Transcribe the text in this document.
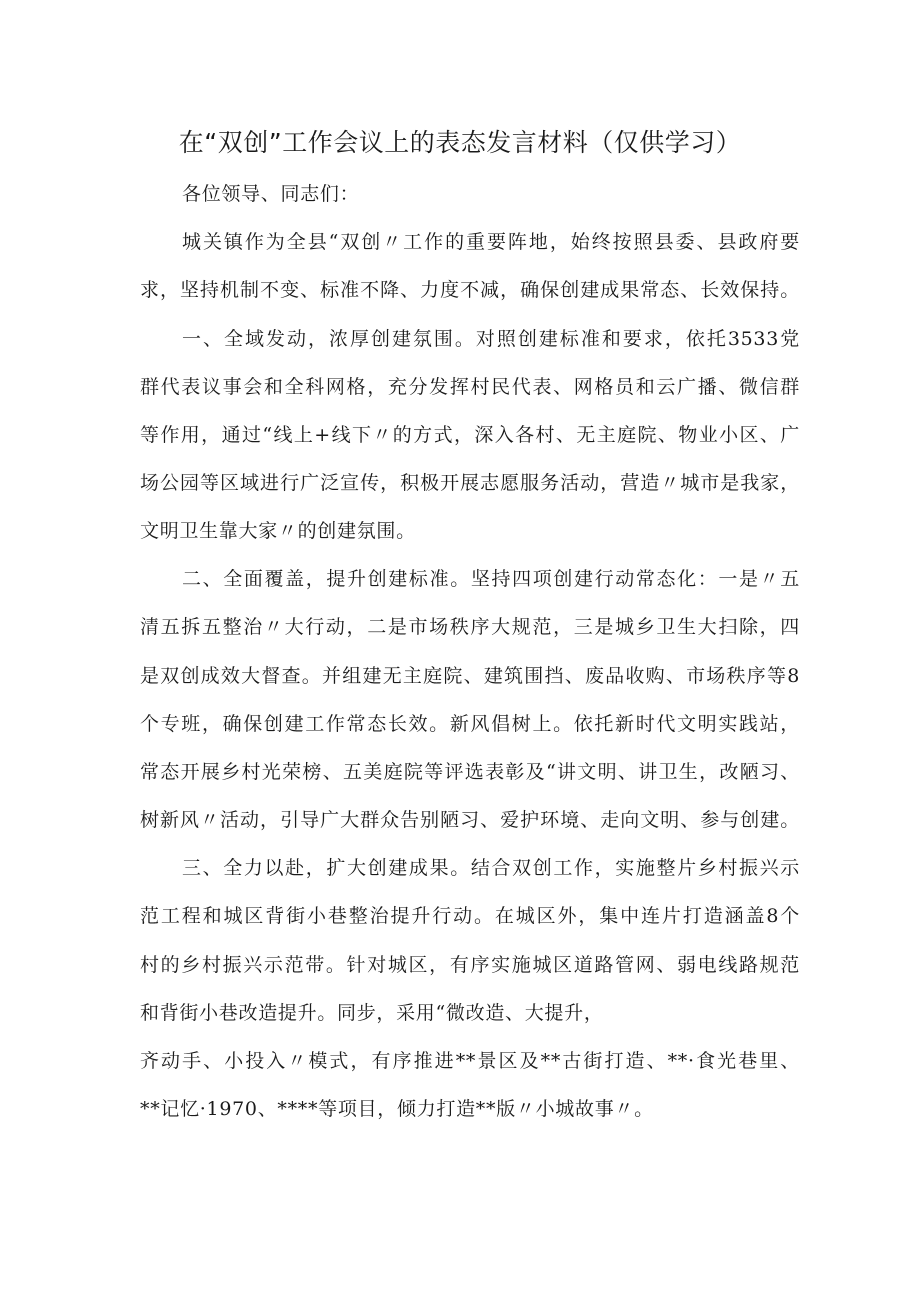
在“双创”工作会议上的表态发言材料（仅供学习）
各位领导、同志们：
城关镇作为全县“双创〃工作的重要阵地，始终按照县委、县政府要
求，坚持机制不变、标准不降、力度不减，确保创建成果常态、长效保持。
一、全域发动，浓厚创建氛围。对照创建标准和要求，依托3533党
群代表议事会和全科网格，充分发挥村民代表、网格员和云广播、微信群
等作用，通过“线上+线下〃的方式，深入各村、无主庭院、物业小区、广
场公园等区域进行广泛宣传，积极开展志愿服务活动，营造〃城市是我家，
文明卫生靠大家〃的创建氛围。
二、全面覆盖，提升创建标准。坚持四项创建行动常态化：一是〃五
清五拆五整治〃大行动，二是市场秩序大规范，三是城乡卫生大扫除，四
是双创成效大督查。并组建无主庭院、建筑围挡、废品收购、市场秩序等8
个专班，确保创建工作常态长效。新风倡树上。依托新时代文明实践站，
常态开展乡村光荣榜、五美庭院等评选表彰及“讲文明、讲卫生，改陋习、
树新风〃活动，引导广大群众告别陋习、爱护环境、走向文明、参与创建。
三、全力以赴，扩大创建成果。结合双创工作，实施整片乡村振兴示
范工程和城区背街小巷整治提升行动。在城区外，集中连片打造涵盖8个
村的乡村振兴示范带。针对城区，有序实施城区道路管网、弱电线路规范
和背街小巷改造提升。同步，采用“微改造、大提升，
齐动手、小投入〃模式，有序推进**景区及**古街打造、**·食光巷里、
**记忆·1970、****等项目，倾力打造**版〃小城故事〃。
